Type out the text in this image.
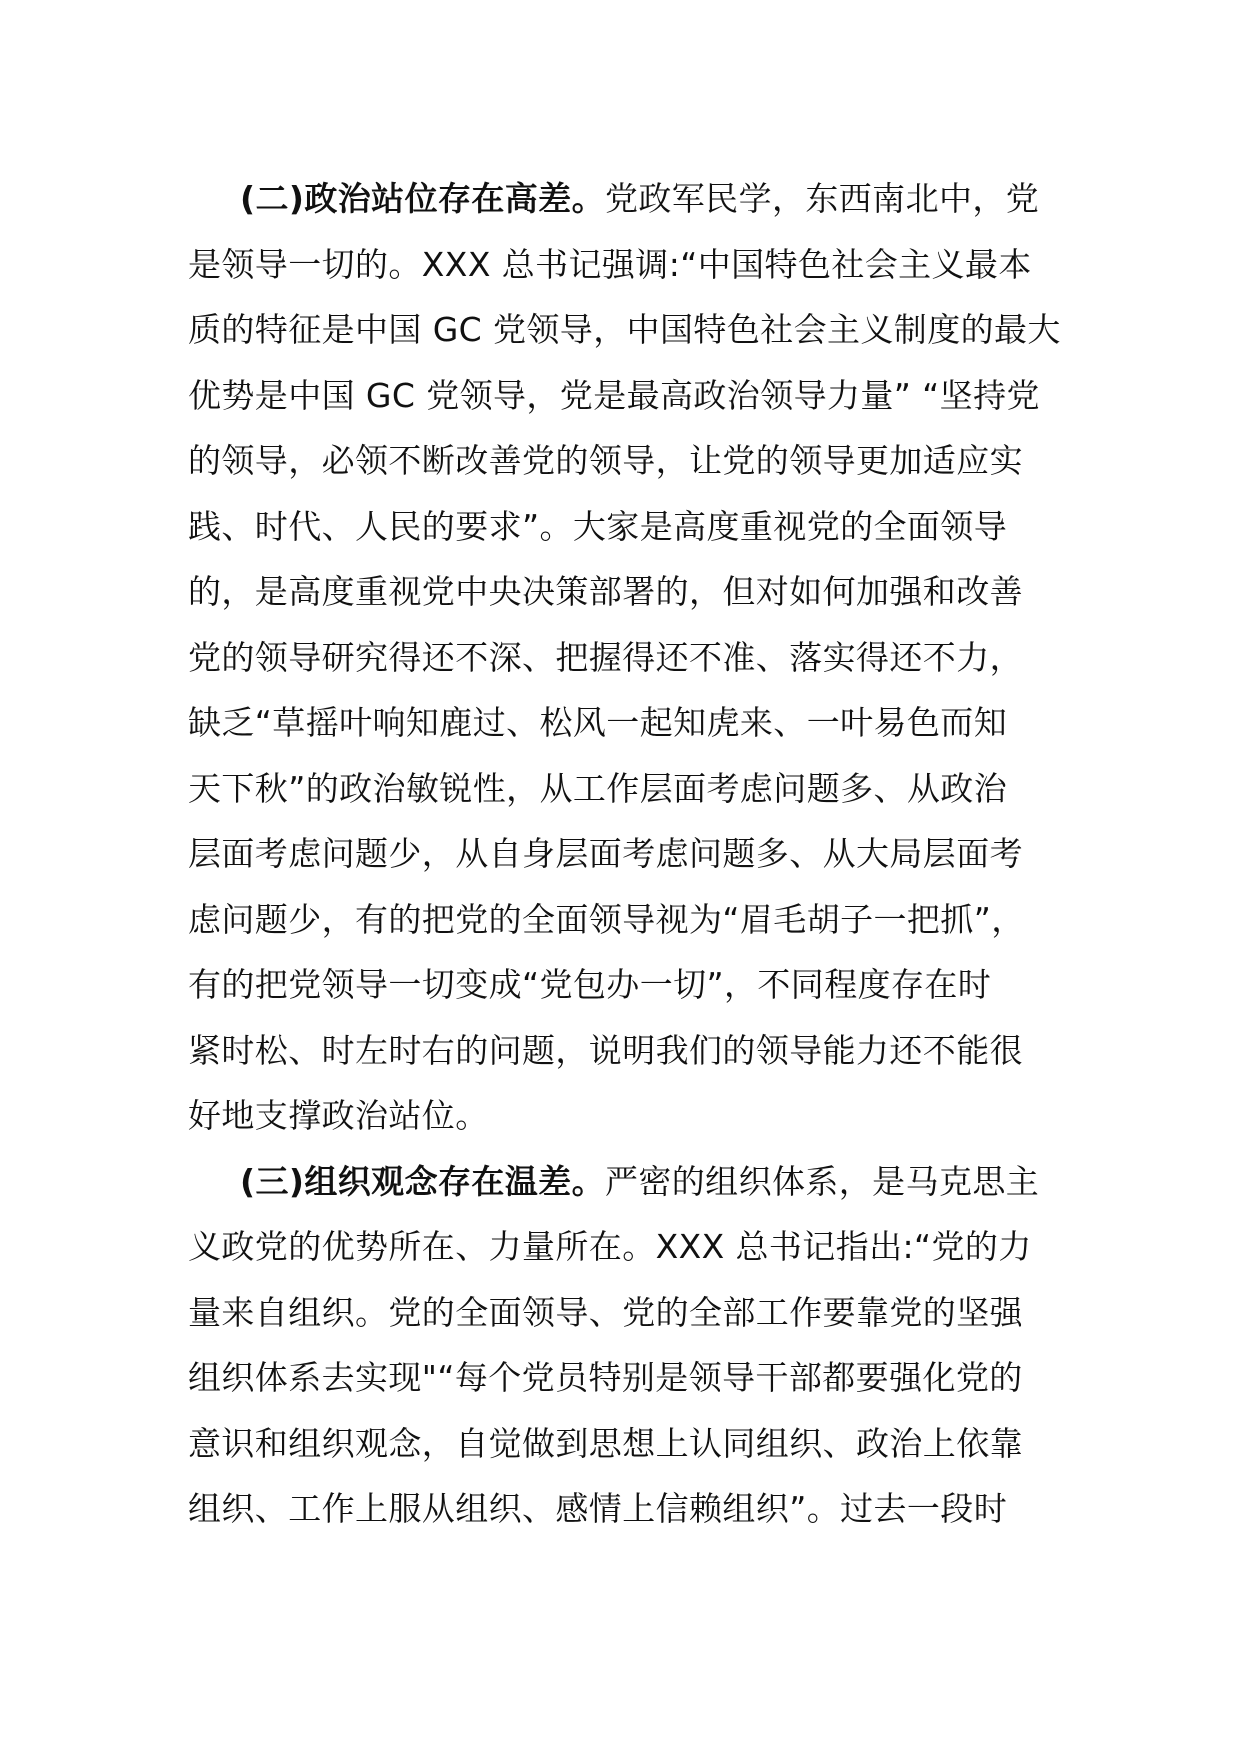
(二)政治站位存在高差。党政军民学，东西南北中，党
是领导一切的。XXX 总书记强调:“中国特色社会主义最本
质的特征是中国 GC 党领导，中国特色社会主义制度的最大
优势是中国 GC 党领导，党是最高政治领导力量” “坚持党
的领导，必领不断改善党的领导，让党的领导更加适应实
践、时代、人民的要求”。大家是高度重视党的全面领导
的，是高度重视党中央决策部署的，但对如何加强和改善
党的领导研究得还不深、把握得还不准、落实得还不力，
缺乏“草摇叶响知鹿过、松风一起知虎来、一叶易色而知
天下秋”的政治敏锐性，从工作层面考虑问题多、从政治
层面考虑问题少，从自身层面考虑问题多、从大局层面考
虑问题少，有的把党的全面领导视为“眉毛胡子一把抓”，
有的把党领导一切变成“党包办一切”，不同程度存在时
紧时松、时左时右的问题，说明我们的领导能力还不能很
好地支撑政治站位。

(三)组织观念存在温差。严密的组织体系，是马克思主
义政党的优势所在、力量所在。XXX 总书记指出:“党的力
量来自组织。党的全面领导、党的全部工作要靠党的坚强
组织体系去实现"“每个党员特别是领导干部都要强化党的
意识和组织观念，自觉做到思想上认同组织、政治上依靠
组织、工作上服从组织、感情上信赖组织”。过去一段时
